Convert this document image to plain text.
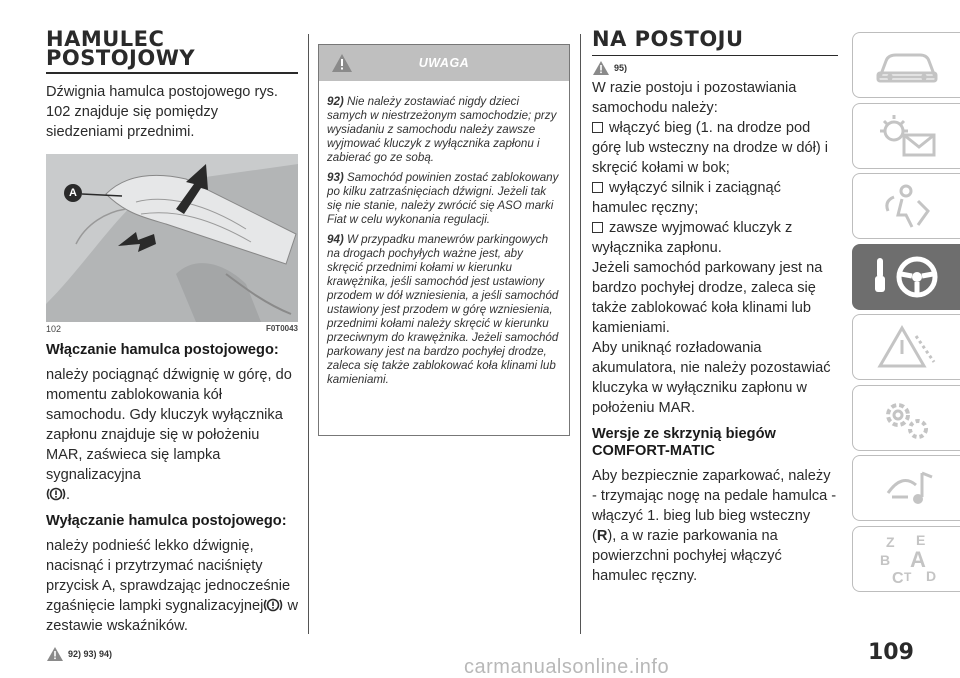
HAMULEC
POSTOJOWY

Dźwignia hamulca postojowego rys. 102 znajduje się pomiędzy siedzeniami przednimi.

A
102	F0T0043
Włączanie hamulca postojowego:

należy pociągnąć dźwignię w górę, do momentu zablokowania kół samochodu. Gdy kluczyk wyłącznika zapłonu znajduje się w położeniu MAR, zaświeca się lampka sygnalizacyjna
.

Wyłączanie hamulca postojowego:

należy podnieść lekko dźwignię, nacisnąć i przytrzymać naciśnięty przycisk A, sprawdzając jednocześnie zgaśnięcie lampki sygnalizacyjnej w zestawie wskaźników.

92) 93) 94)
UWAGA

92) Nie należy zostawiać nigdy dzieci samych w niestrzeżonym samochodzie; przy wysiadaniu z samochodu należy zawsze wyjmować kluczyk z wyłącznika zapłonu i zabierać go ze sobą.

93) Samochód powinien zostać zablokowany po kilku zatrzaśnięciach dźwigni. Jeżeli tak się nie stanie, należy zwrócić się ASO marki Fiat w celu wykonania regulacji.

94) W przypadku manewrów parkingowych na drogach pochyłych ważne jest, aby skręcić przednimi kołami w kierunku krawężnika, jeśli samochód jest ustawiony przodem w dół wzniesienia, a jeśli samochód ustawiony jest przodem w górę wzniesienia, przednimi kołami należy skręcić w kierunku przeciwnym do krawężnika. Jeżeli samochód parkowany jest na bardzo pochyłej drodze, zaleca się także zablokować koła klinami lub kamieniami.

NA POSTOJU
95)

W razie postoju i pozostawiania samochodu należy:

włączyć bieg (1. na drodze pod górę lub wsteczny na drodze w dół) i skręcić kołami w bok;

wyłączyć silnik i zaciągnąć hamulec ręczny;

zawsze wyjmować kluczyk z wyłącznika zapłonu.

Jeżeli samochód parkowany jest na bardzo pochyłej drodze, zaleca się także zablokować koła klinami lub kamieniami.

Aby uniknąć rozładowania akumulatora, nie należy pozostawiać kluczyka w wyłączniku zapłonu w położeniu MAR.

Wersje ze skrzynią biegów
COMFORT-MATIC

Aby bezpiecznie zaparkować, należy - trzymając nogę na pedale hamulca - włączyć 1. bieg lub bieg wsteczny (R), a w razie parkowania na powierzchni pochyłej włączyć hamulec ręczny.

Z E
B A
C T D
109
carmanualsonline.info
